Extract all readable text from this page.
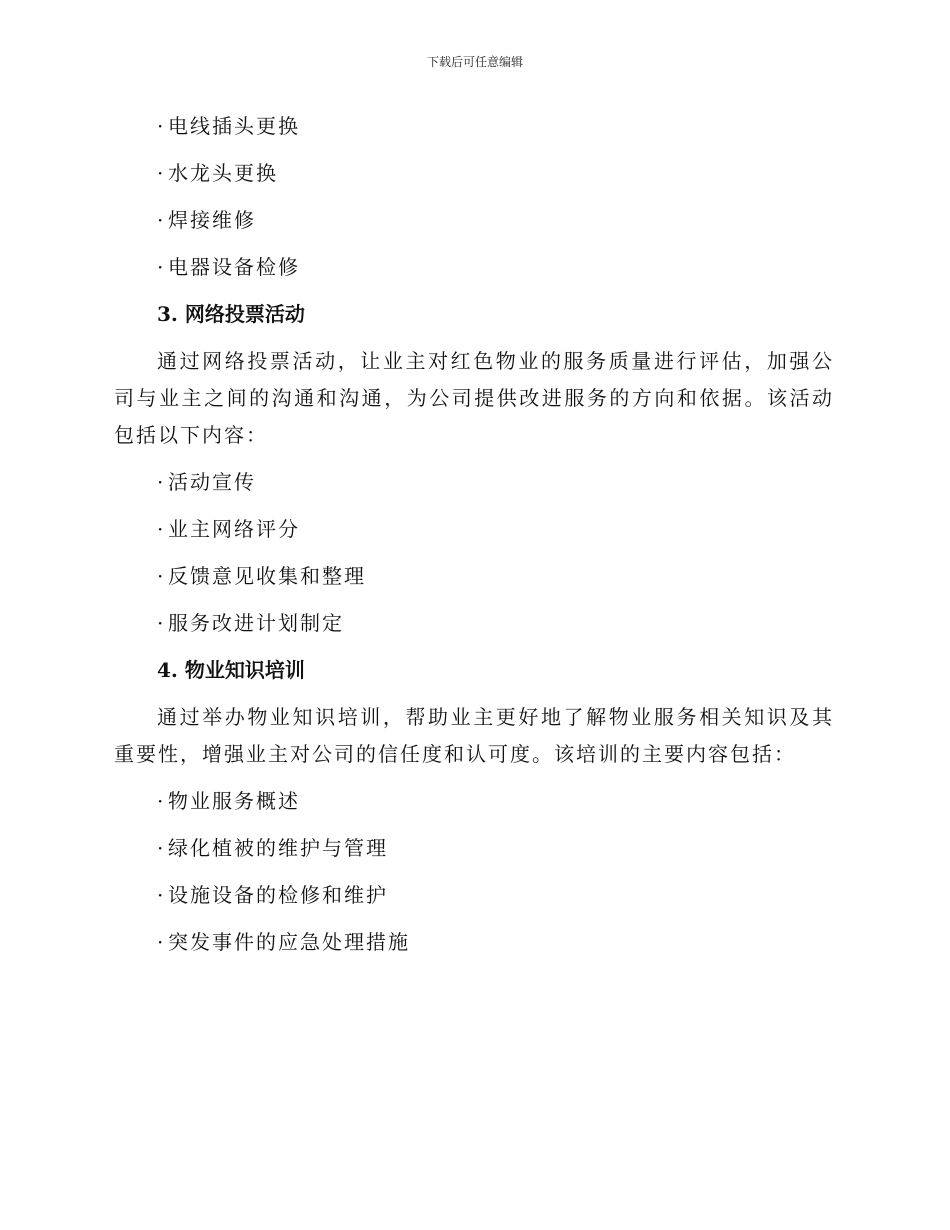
下载后可任意编辑
· 电线插头更换
· 水龙头更换
· 焊接维修
· 电器设备检修
3. 网络投票活动
通过网络投票活动，让业主对红色物业的服务质量进行评估，加强公司与业主之间的沟通和沟通，为公司提供改进服务的方向和依据。该活动包括以下内容：
· 活动宣传
· 业主网络评分
· 反馈意见收集和整理
· 服务改进计划制定
4. 物业知识培训
通过举办物业知识培训，帮助业主更好地了解物业服务相关知识及其重要性，增强业主对公司的信任度和认可度。该培训的主要内容包括：
· 物业服务概述
· 绿化植被的维护与管理
· 设施设备的检修和维护
· 突发事件的应急处理措施
